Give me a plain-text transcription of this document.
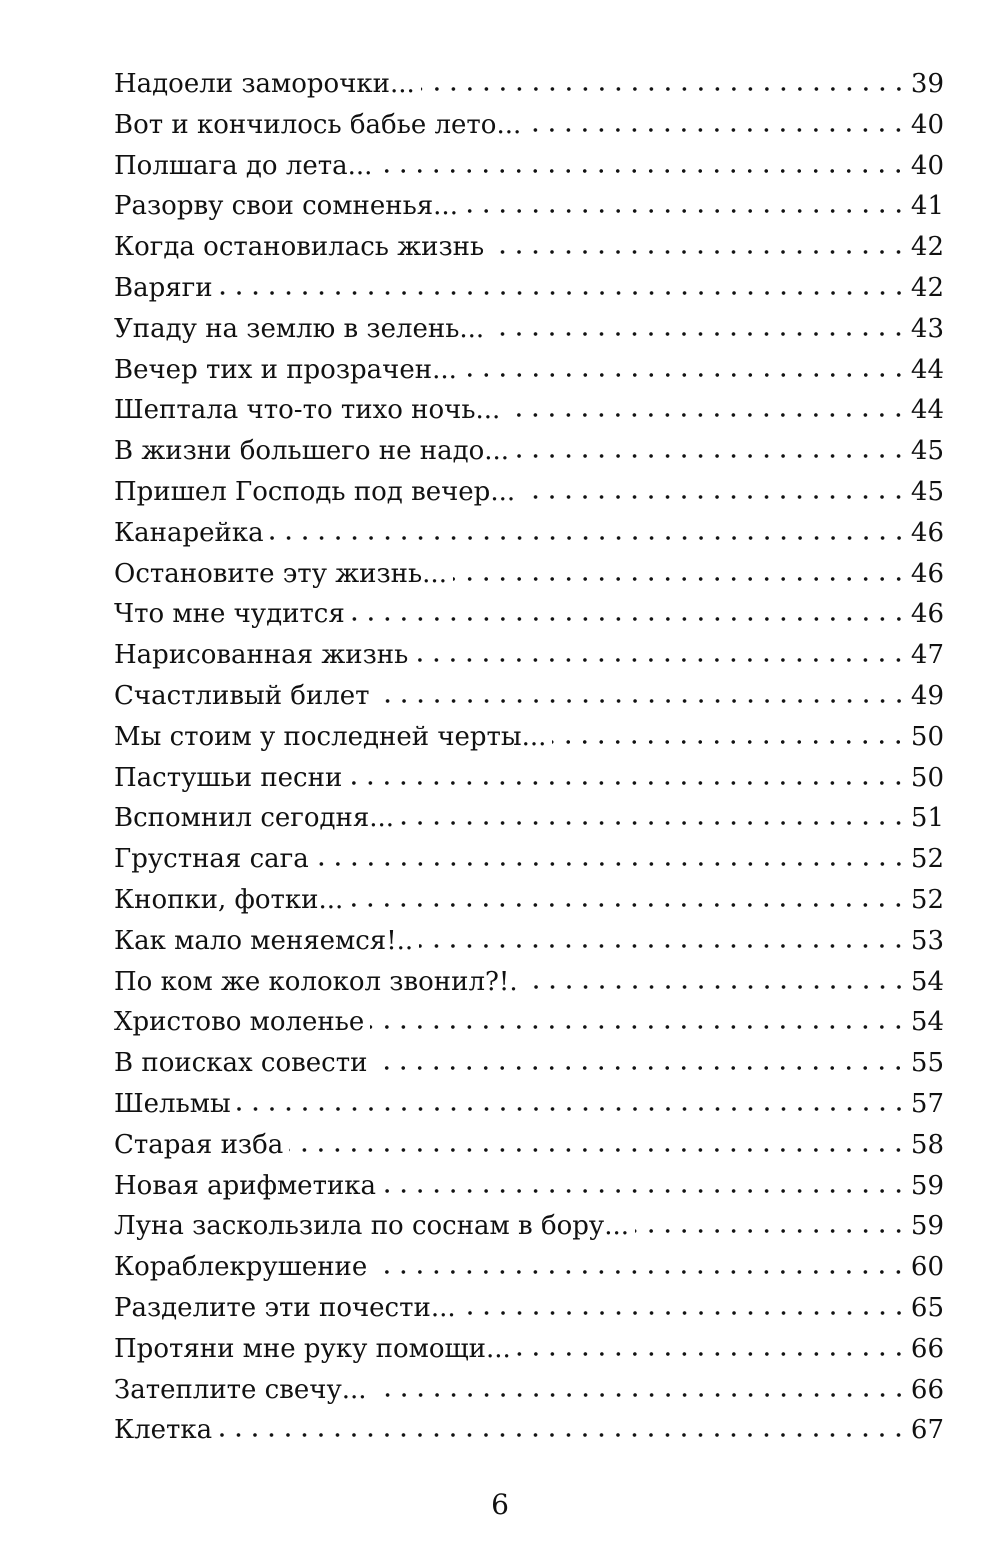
Надоели заморочки...	39
Вот и кончилось бабье лето...	40
Полшага до лета...	40
Разорву свои сомненья...	41
Когда остановилась жизнь	42
Варяги	42
Упаду на землю в зелень...	43
Вечер тих и прозрачен...	44
Шептала что-то тихо ночь...	44
В жизни большего не надо...	45
Пришел Господь под вечер...	45
Канарейка	46
Остановите эту жизнь...	46
Что мне чудится	46
Нарисованная жизнь	47
Счастливый билет	49
Мы стоим у последней черты...	50
Пастушьи песни	50
Вспомнил сегодня...	51
Грустная сага	52
Кнопки, фотки...	52
Как мало меняемся!..	53
По ком же колокол звонил?!.	54
Христово моленье	54
В поисках совести	55
Шельмы	57
Старая изба	58
Новая арифметика	59
Луна заскользила по соснам в бору...	59
Кораблекрушение	60
Разделите эти почести...	65
Протяни мне руку помощи...	66
Затеплите свечу...	66
Клетка	67
6
